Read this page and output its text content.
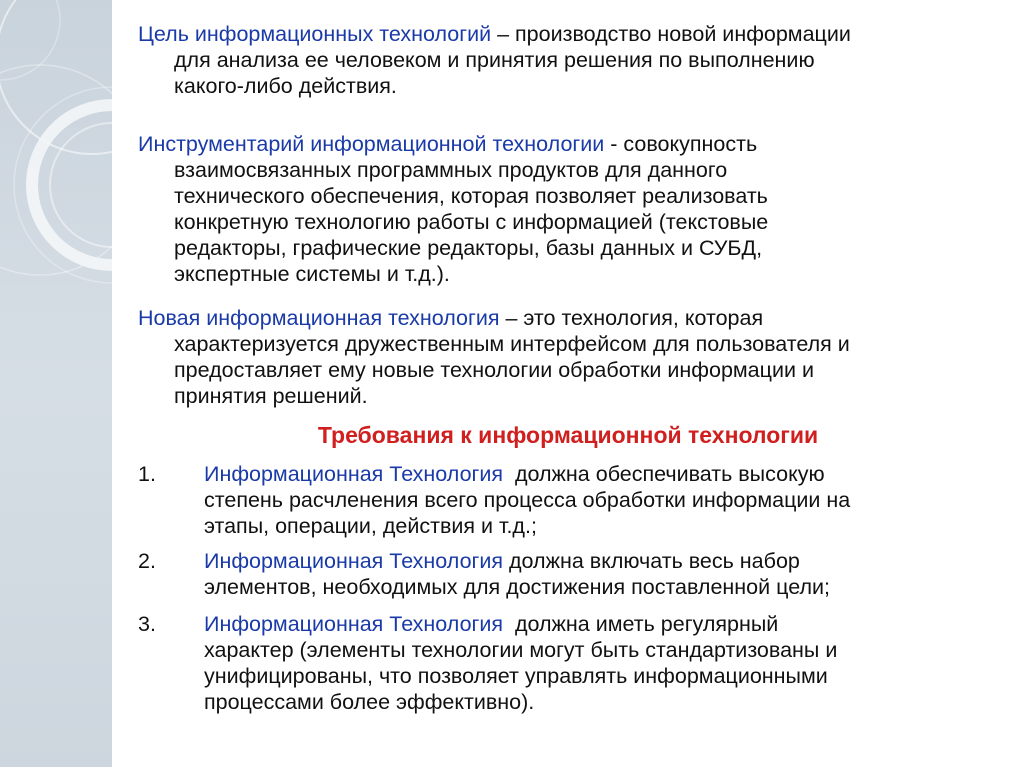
Цель информационных технологий – производство новой информации
для анализа ее человеком и принятия решения по выполнению
какого-либо действия.

Инструментарий информационной технологии - совокупность
взаимосвязанных программных продуктов для данного
технического обеспечения, которая позволяет реализовать
конкретную технологию работы с информацией (текстовые
редакторы, графические редакторы, базы данных и СУБД,
экспертные системы и т.д.).

Новая информационная технология – это технология, которая
характеризуется дружественным интерфейсом для пользователя и
предоставляет ему новые технологии обработки информации и
принятия решений.

Требования к информационной технологии
1.	Информационная Технология  должна обеспечивать высокую
степень расчленения всего процесса обработки информации на
этапы, операции, действия и т.д.;
2.	Информационная Технология должна включать весь набор
элементов, необходимых для достижения поставленной цели;
3.	Информационная Технология  должна иметь регулярный
характер (элементы технологии могут быть стандартизованы и
унифицированы, что позволяет управлять информационными
процессами более эффективно).
